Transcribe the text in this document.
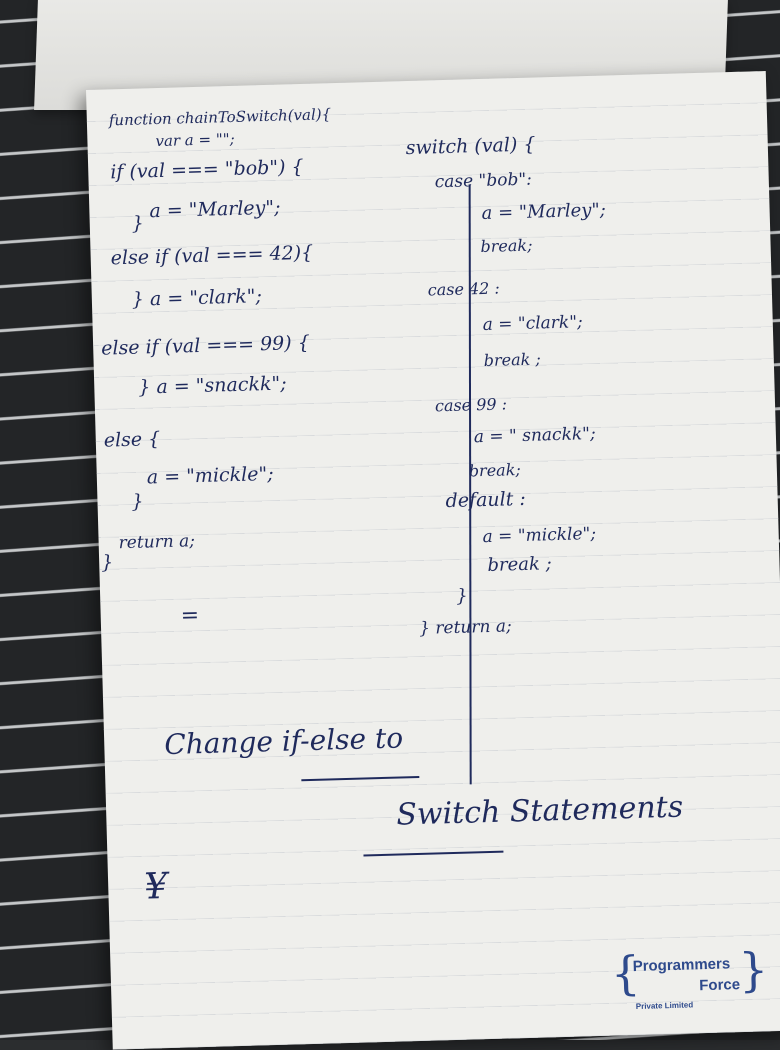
function chainToSwitch(val){
var a = "";
if (val === "bob") {
a = "Marley";
}
else if (val === 42){
} a = "clark";
else if (val === 99) {
} a = "snackk";
else {
a = "mickle";
}
return a;
}
=
switch (val) {
case "bob":
a = "Marley";
break;
case 42 :
a = "clark";
break ;
case 99 :
a = " snackk";
break;
default :
a = "mickle";
break ;
}
} return a;
Change if-else to
Switch Statements
¥
{
Programmers
Force
Private Limited
}
